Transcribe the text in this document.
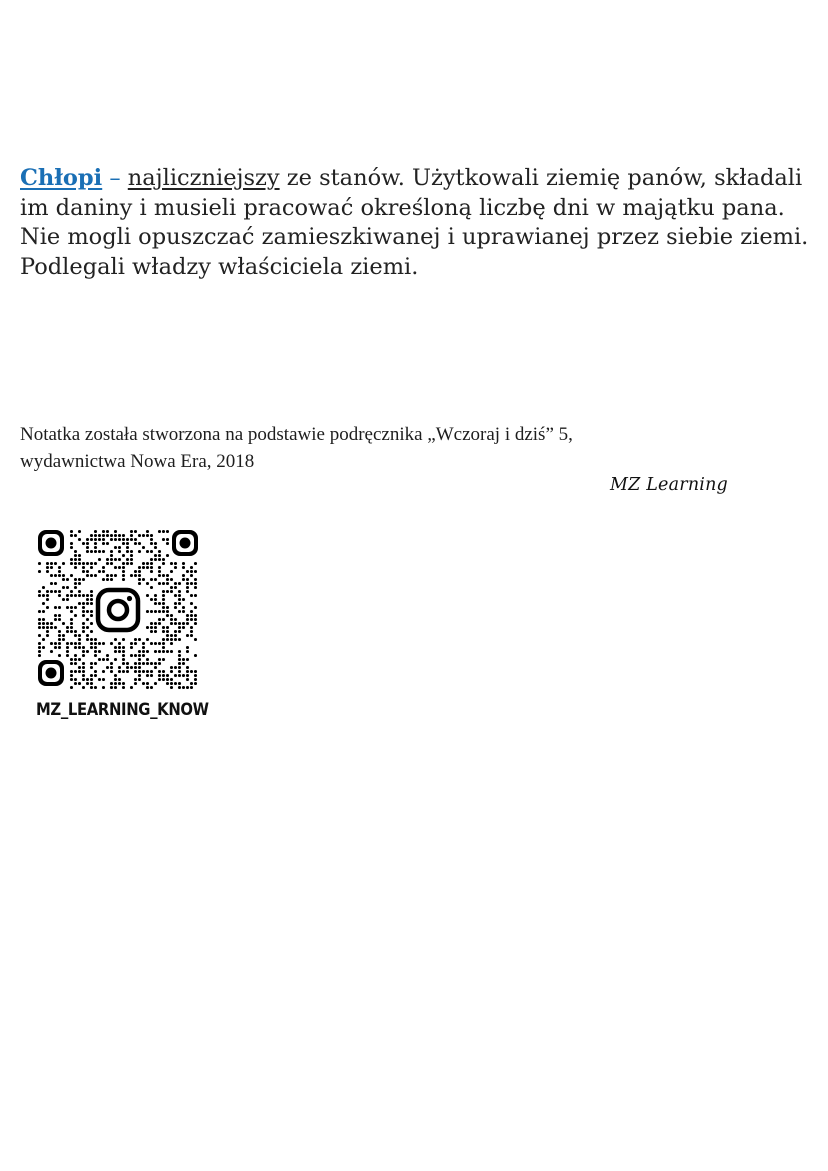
Chłopi – najliczniejszy ze stanów. Użytkowali ziemię panów, składali im daniny i musieli pracować określoną liczbę dni w majątku pana. Nie mogli opuszczać zamieszkiwanej i uprawianej przez siebie ziemi. Podlegali władzy właściciela ziemi.

Notatka została stworzona na podstawie podręcznika „Wczoraj i dziś” 5,
wydawnictwa Nowa Era, 2018

MZ Learning
MZ_LEARNING_KNOW
